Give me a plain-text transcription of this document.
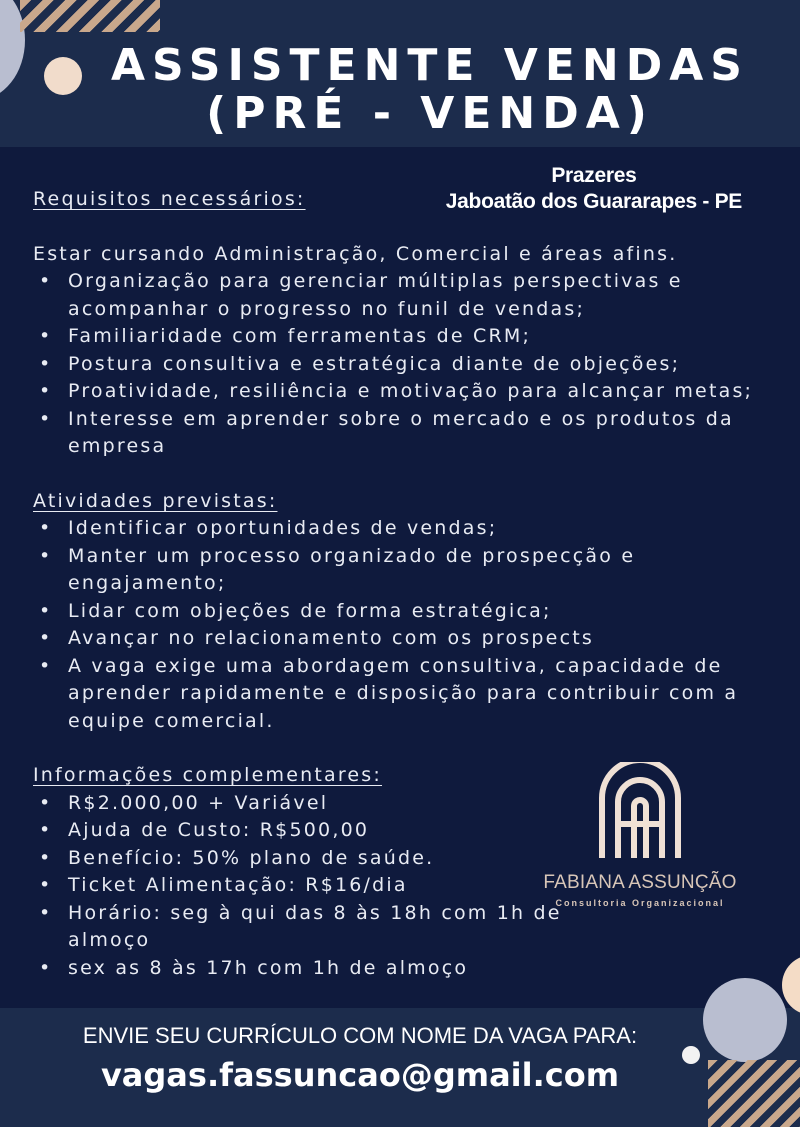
ASSISTENTE VENDAS
(PRÉ - VENDA)
Prazeres
Jaboatão dos Guararapes - PE

Requisitos necessários:

Estar cursando Administração, Comercial e áreas afins.

• Organização para gerenciar múltiplas perspectivas e acompanhar o progresso no funil de vendas;
• Familiaridade com ferramentas de CRM;
• Postura consultiva e estratégica diante de objeções;
• Proatividade, resiliência e motivação para alcançar metas;
• Interesse em aprender sobre o mercado e os produtos da empresa

Atividades previstas:

• Identificar oportunidades de vendas;
• Manter um processo organizado de prospecção e engajamento;
• Lidar com objeções de forma estratégica;
• Avançar no relacionamento com os prospects
• A vaga exige uma abordagem consultiva, capacidade de aprender rapidamente e disposição para contribuir com a equipe comercial.

Informações complementares:

• R$2.000,00 + Variável
• Ajuda de Custo: R$500,00
• Benefício: 50% plano de saúde.
• Ticket Alimentação: R$16/dia
• Horário: seg à qui das 8 às 18h com 1h de almoço
• sex as 8 às 17h com 1h de almoço
FABIANA ASSUNÇÃO
Consultoria Organizacional
ENVIE SEU CURRÍCULO COM NOME DA VAGA PARA:
vagas.fassuncao@gmail.com
